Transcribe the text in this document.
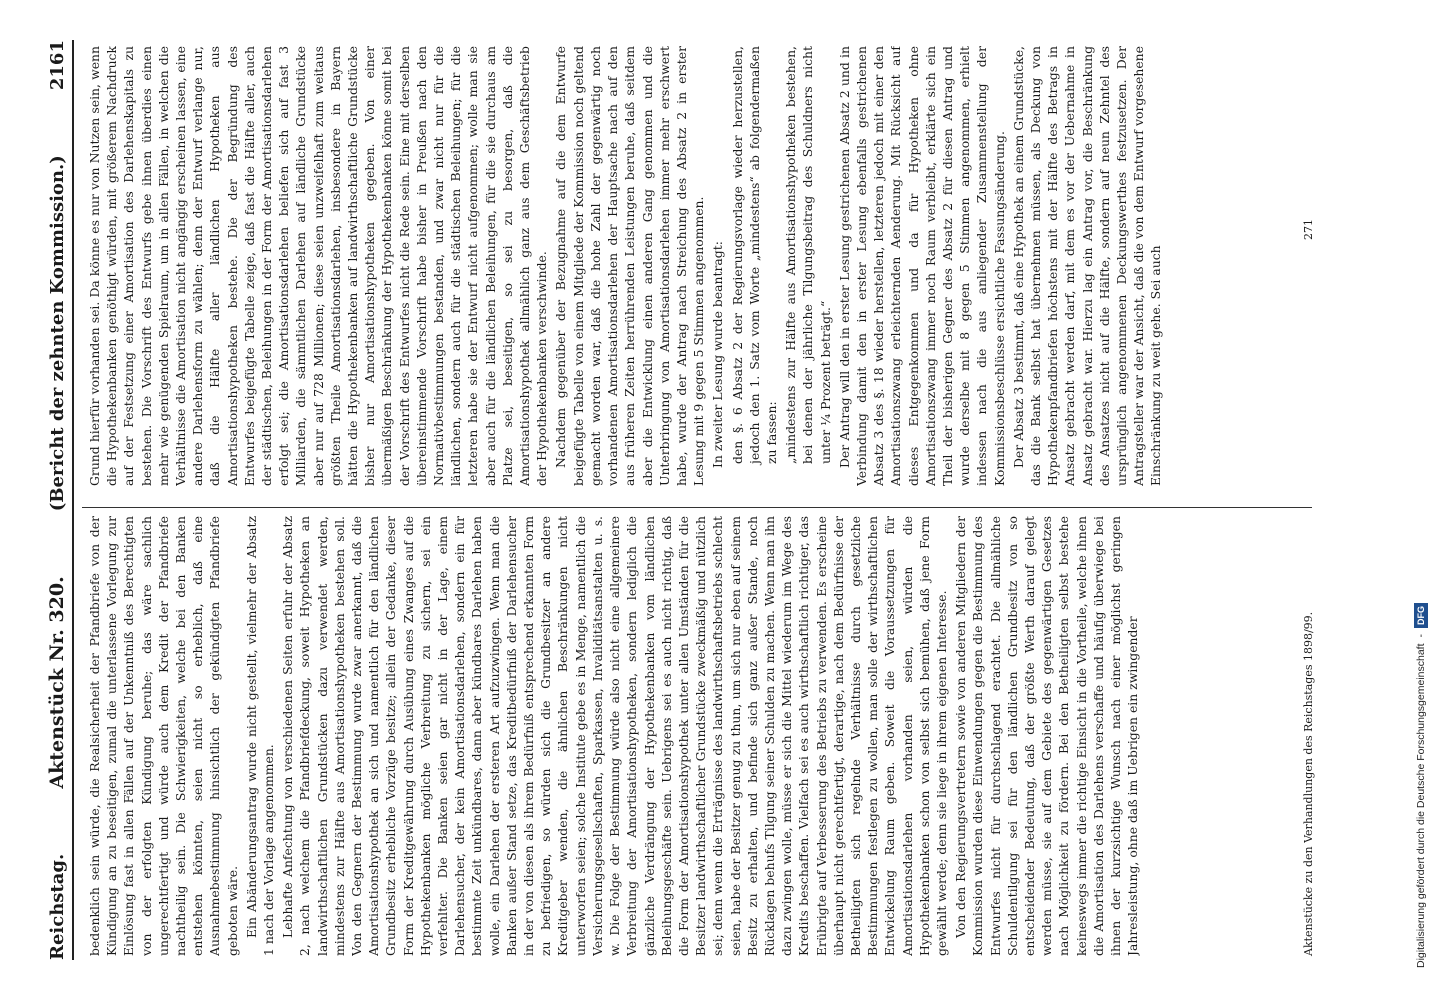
Reichstag.
Aktenstück Nr. 320.
(Bericht der zehnten Kommission.)
2161

bedenklich sein würde, die Realsicherheit der Pfandbriefe von der Kündigung an zu beseitigen, zumal die unterlassene Vorlegung zur Einlösung fast in allen Fällen auf der Unkenntniß des Berechtigten von der erfolgten Kündigung beruhe; das wäre sachlich ungerechtfertigt und würde auch dem Kredit der Pfandbriefe nachtheilig sein. Die Schwierigkeiten, welche bei den Banken entstehen könnten, seien nicht so erheblich, daß eine Ausnahmebestimmung hinsichtlich der gekündigten Pfandbriefe geboten wäre. Ein Abänderungsantrag wurde nicht gestellt, vielmehr der Absatz 1 nach der Vorlage angenommen. Lebhafte Anfechtung von verschiedenen Seiten erfuhr der Absatz 2, nach welchem die Pfandbriefdeckung, soweit Hypotheken an landwirthschaftlichen Grundstücken dazu verwendet werden, mindestens zur Hälfte aus Amortisationshypotheken bestehen soll. Von den Gegnern der Bestimmung wurde zwar anerkannt, daß die Amortisationshypothek an sich und namentlich für den ländlichen Grundbesitz erhebliche Vorzüge besitze; allein der Gedanke, dieser Form der Kreditgewährung durch Ausübung eines Zwanges auf die Hypothekenbanken mögliche Verbreitung zu sichern, sei ein verfehlter. Die Banken seien gar nicht in der Lage, einem Darlehensucher, der kein Amortisationsdarlehen, sondern ein für bestimmte Zeit unkündbares, dann aber kündbares Darlehen haben wolle, ein Darlehen der ersteren Art aufzuzwingen. Wenn man die Banken außer Stand setze, das Kreditbedürfniß der Darlehensucher in der von diesen als ihrem Bedürfniß entsprechend erkannten Form zu befriedigen, so würden sich die Grundbesitzer an andere Kreditgeber wenden, die ähnlichen Beschränkungen nicht unterworfen seien; solche Institute gebe es in Menge, namentlich die Versicherungsgesellschaften, Sparkassen, Invaliditätsanstalten u. s. w. Die Folge der Bestimmung würde also nicht eine allgemeinere Verbreitung der Amortisationshypotheken, sondern lediglich die gänzliche Verdrängung der Hypothekenbanken vom ländlichen Beleihungsgeschäfte sein. Uebrigens sei es auch nicht richtig, daß die Form der Amortisationshypothek unter allen Umständen für die Besitzer landwirthschaftlicher Grundstücke zweckmäßig und nützlich sei; denn wenn die Erträgnisse des landwirthschaftsbetriebs schlecht seien, habe der Besitzer genug zu thun, um sich nur eben auf seinem Besitz zu erhalten, und befinde sich ganz außer Stande, noch Rücklagen behufs Tilgung seiner Schulden zu machen. Wenn man ihn dazu zwingen wolle, müsse er sich die Mittel wiederum im Wege des Kredits beschaffen. Vielfach sei es auch wirthschaftlich richtiger, das Erübrigte auf Verbesserung des Betriebs zu verwenden. Es erscheine überhaupt nicht gerechtfertigt, derartige, nach dem Bedürfnisse der Betheiligten sich regelnde Verhältnisse durch gesetzliche Bestimmungen festlegen zu wollen, man solle der wirthschaftlichen Entwickelung Raum geben. Soweit die Voraussetzungen für Amortisationsdarlehen vorhanden seien, würden die Hypothekenbanken schon von selbst sich bemühen, daß jene Form gewählt werde; denn sie liege in ihrem eigenen Interesse. Von den Regierungsvertretern sowie von anderen Mitgliedern der Kommission wurden diese Einwendungen gegen die Bestimmung des Entwurfes nicht für durchschlagend erachtet. Die allmähliche Schuldentilgung sei für den ländlichen Grundbesitz von so entscheidender Bedeutung, daß der größte Werth darauf gelegt werden müsse, sie auf dem Gebiete des gegenwärtigen Gesetzes nach Möglichkeit zu fördern. Bei den Betheiligten selbst bestehe keineswegs immer die richtige Einsicht in die Vortheile, welche ihnen die Amortisation des Darlehens verschaffe und häufig überwiege bei ihnen der kurzsichtige Wunsch nach einer möglichst geringen Jahresleistung, ohne daß im Uebrigen ein zwingender

Grund hierfür vorhanden sei. Da könne es nur von Nutzen sein, wenn die Hypothekenbanken genöthigt würden, mit größerem Nachdruck auf der Festsetzung einer Amortisation des Darlehenskapitals zu bestehen. Die Vorschrift des Entwurfs gebe ihnen überdies einen mehr wie genügenden Spielraum, um in allen Fällen, in welchen die Verhältnisse die Amortisation nicht angängig erscheinen lassen, eine andere Darlehensform zu wählen; denn der Entwurf verlange nur, daß die Hälfte aller ländlichen Hypotheken aus Amortisationshypotheken bestehe. Die der Begründung des Entwurfes beigefügte Tabelle zeige, daß fast die Hälfte aller, auch der städtischen, Beleihungen in der Form der Amortisationsdarlehen erfolgt sei; die Amortisationsdarlehen beliefen sich auf fast 3 Milliarden, die sämmtlichen Darlehen auf ländliche Grundstücke aber nur auf 728 Millionen; diese seien unzweifelhaft zum weitaus größten Theile Amortisationsdarlehen, insbesondere in Bayern hätten die Hypothekenbanken auf landwirthschaftliche Grundstücke bisher nur Amortisationshypotheken gegeben. Von einer übermäßigen Beschränkung der Hypothekenbanken könne somit bei der Vorschrift des Entwurfes nicht die Rede sein. Eine mit derselben übereinstimmende Vorschrift habe bisher in Preußen nach den Normativbestimmungen bestanden, und zwar nicht nur für die ländlichen, sondern auch für die städtischen Beleihungen; für die letzteren habe sie der Entwurf nicht aufgenommen; wolle man sie aber auch für die ländlichen Beleihungen, für die sie durchaus am Platze sei, beseitigen, so sei zu besorgen, daß die Amortisationshypothek allmählich ganz aus dem Geschäftsbetrieb der Hypothekenbanken verschwinde. Nachdem gegenüber der Bezugnahme auf die dem Entwurfe beigefügte Tabelle von einem Mitgliede der Kommission noch geltend gemacht worden war, daß die hohe Zahl der gegenwärtig noch vorhandenen Amortisationsdarlehen der Hauptsache nach auf den aus früheren Zeiten herrührenden Leistungen beruhe, daß seitdem aber die Entwicklung einen anderen Gang genommen und die Unterbringung von Amortisationsdarlehen immer mehr erschwert habe, wurde der Antrag nach Streichung des Absatz 2 in erster Lesung mit 9 gegen 5 Stimmen angenommen. In zweiter Lesung wurde beantragt: den §. 6 Absatz 2 der Regierungsvorlage wieder herzustellen, jedoch den 1. Satz vom Worte „mindestens“ ab folgendermaßen zu fassen: „mindestens zur Hälfte aus Amortisationshypotheken bestehen, bei denen der jährliche Tilgungsbeitrag des Schuldners nicht unter ¼ Prozent beträgt.“ Der Antrag will den in erster Lesung gestrichenen Absatz 2 und in Verbindung damit den in erster Lesung ebenfalls gestrichenen Absatz 3 des §. 18 wieder herstellen, letzteren jedoch mit einer den Amortisationszwang erleichternden Aenderung. Mit Rücksicht auf dieses Entgegenkommen und da für Hypotheken ohne Amortisationszwang immer noch Raum verbleibt, erklärte sich ein Theil der bisherigen Gegner des Absatz 2 für diesen Antrag und wurde derselbe mit 8 gegen 5 Stimmen angenommen, erhielt indessen nach die aus anliegender Zusammenstellung der Kommissionsbeschlüsse ersichtliche Fassungsänderung. Der Absatz 3 bestimmt, daß eine Hypothek an einem Grundstücke, das die Bank selbst hat übernehmen müssen, als Deckung von Hypothekenpfandbriefen höchstens mit der Hälfte des Betrags in Ansatz gebracht werden darf, mit dem es vor der Uebernahme in Ansatz gebracht war. Hierzu lag ein Antrag vor, die Beschränkung des Ansatzes nicht auf die Hälfte, sondern auf neun Zehntel des ursprünglich angenommenen Deckungswerthes festzusetzen. Der Antragsteller war der Ansicht, daß die von dem Entwurf vorgesehene Einschränkung zu weit gehe. Sei auch

Aktenstücke zu den Verhandlungen des Reichstages 1898/99.
271
Digitalisierung gefördert durch die Deutsche Forschungsgemeinschaft
-
DFG
